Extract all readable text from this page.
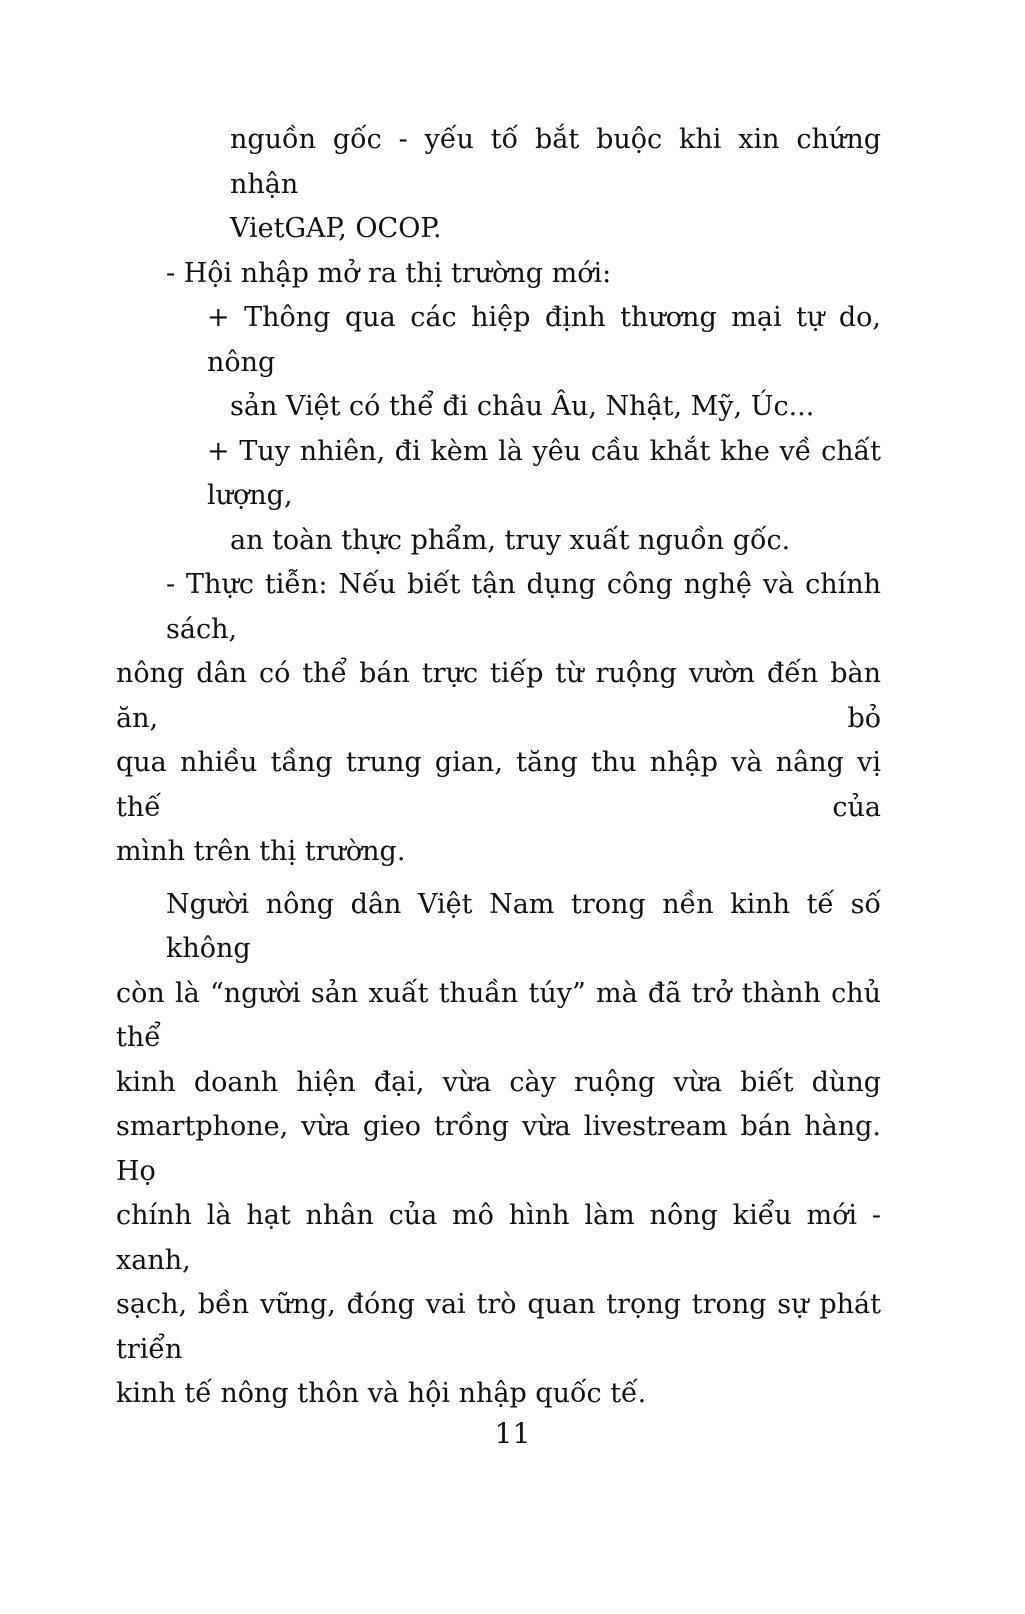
nguồn gốc - yếu tố bắt buộc khi xin chứng nhận
VietGAP, OCOP.
- Hội nhập mở ra thị trường mới:
+ Thông qua các hiệp định thương mại tự do, nông
sản Việt có thể đi châu Âu, Nhật, Mỹ, Úc...
+ Tuy nhiên, đi kèm là yêu cầu khắt khe về chất lượng,
an toàn thực phẩm, truy xuất nguồn gốc.
- Thực tiễn: Nếu biết tận dụng công nghệ và chính sách,
nông dân có thể bán trực tiếp từ ruộng vườn đến bàn ăn, bỏ
qua nhiều tầng trung gian, tăng thu nhập và nâng vị thế của
mình trên thị trường.
Người nông dân Việt Nam trong nền kinh tế số không
còn là “người sản xuất thuần túy” mà đã trở thành chủ thể
kinh doanh hiện đại, vừa cày ruộng vừa biết dùng
smartphone, vừa gieo trồng vừa livestream bán hàng. Họ
chính là hạt nhân của mô hình làm nông kiểu mới - xanh,
sạch, bền vững, đóng vai trò quan trọng trong sự phát triển
kinh tế nông thôn và hội nhập quốc tế.
11
